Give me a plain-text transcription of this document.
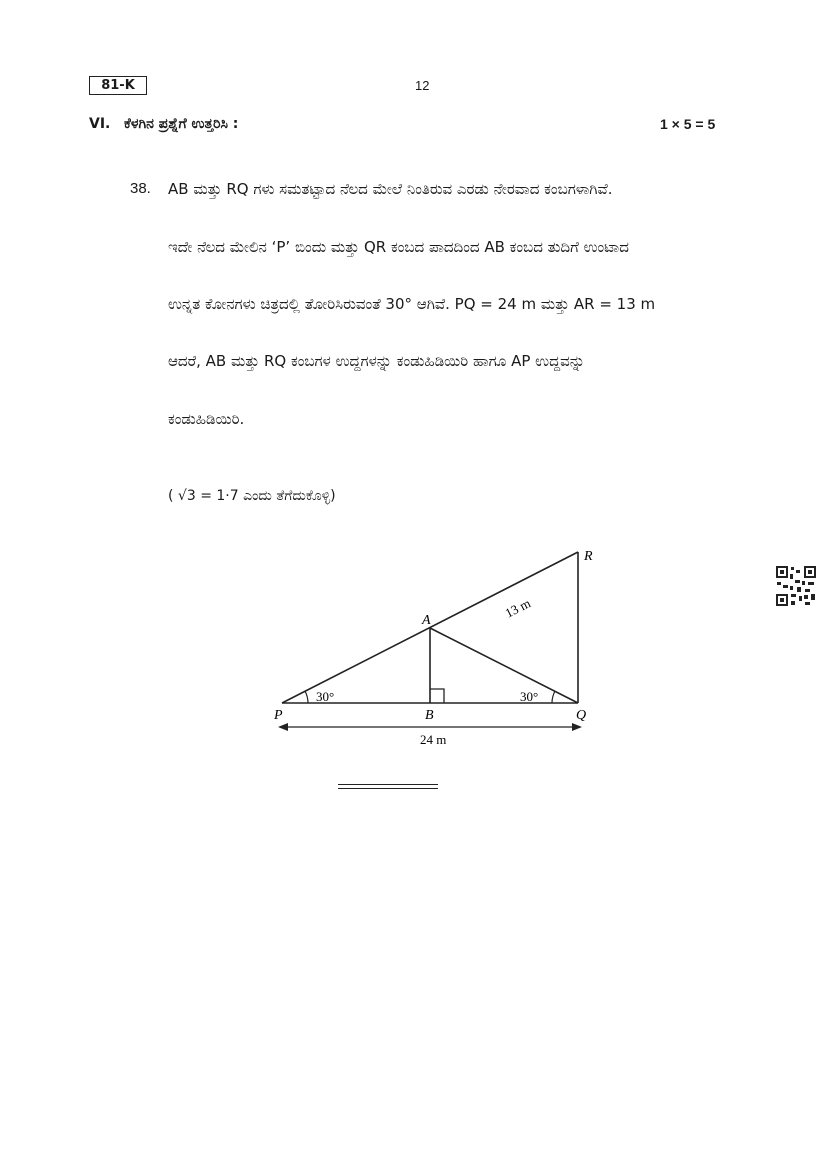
81-K	12
VI. ಕೆಳಗಿನ ಪ್ರಶ್ನೆಗೆ ಉತ್ತರಿಸಿ :	1 × 5 = 5
38. AB ಮತ್ತು RQ ಗಳು ಸಮತಟ್ಟಾದ ನೆಲದ ಮೇಲೆ ನಿಂತಿರುವ ಎರಡು ನೇರವಾದ ಕಂಬಗಳಾಗಿವೆ.
ಇದೇ ನೆಲದ ಮೇಲಿನ ‘P’ ಬಿಂದು ಮತ್ತು QR ಕಂಬದ ಪಾದದಿಂದ AB ಕಂಬದ ತುದಿಗೆ ಉಂಟಾದ
ಉನ್ನತ ಕೋನಗಳು ಚಿತ್ರದಲ್ಲಿ ತೋರಿಸಿರುವಂತೆ 30° ಆಗಿವೆ. PQ = 24 m ಮತ್ತು AR = 13 m
ಆದರೆ, AB ಮತ್ತು RQ ಕಂಬಗಳ ಉದ್ದಗಳನ್ನು ಕಂಡುಹಿಡಿಯಿರಿ ಹಾಗೂ AP ಉದ್ದವನ್ನು
ಕಂಡುಹಿಡಿಯಿರಿ.
( √3 = 1·7 ಎಂದು ತೆಗೆದುಕೊಳ್ಳಿ)
P	B	Q
A
R
30°	30°
13 m
24 m
